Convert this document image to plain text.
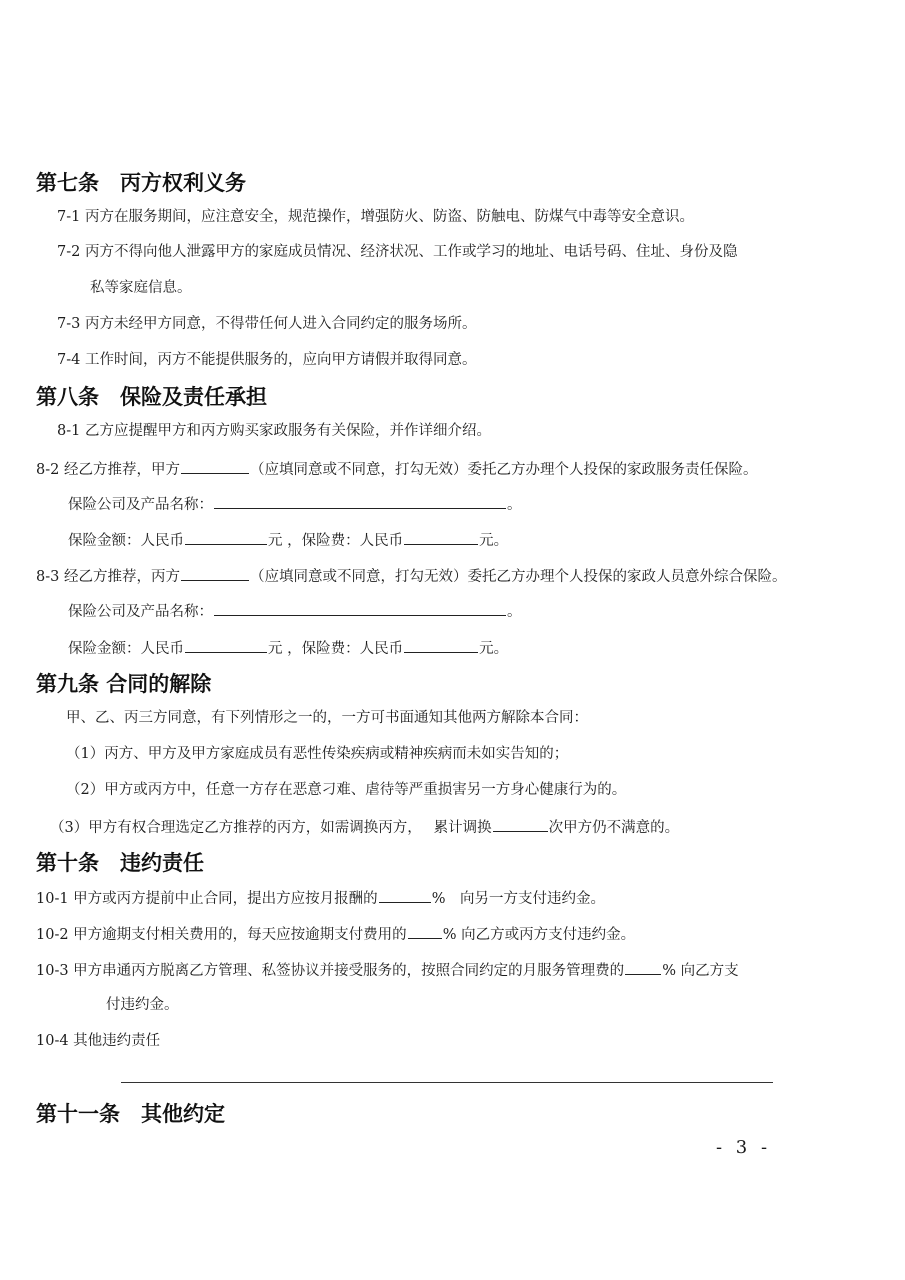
第七条　丙方权利义务
7-1 丙方在服务期间，应注意安全，规范操作，增强防火、防盗、防触电、防煤气中毒等安全意识。
7-2 丙方不得向他人泄露甲方的家庭成员情况、经济状况、工作或学习的地址、电话号码、住址、身份及隐
私等家庭信息。
7-3 丙方未经甲方同意，不得带任何人进入合同约定的服务场所。
7-4 工作时间，丙方不能提供服务的，应向甲方请假并取得同意。
第八条　保险及责任承担
8-1 乙方应提醒甲方和丙方购买家政服务有关保险，并作详细介绍。
8-2 经乙方推荐，甲方	（应填同意或不同意，打勾无效）委托乙方办理个人投保的家政服务责任保险。
保险公司及产品名称：	。
保险金额：人民币	元 ，保险费：人民币	元。
8-3 经乙方推荐，丙方	（应填同意或不同意，打勾无效）委托乙方办理个人投保的家政人员意外综合保险。
保险公司及产品名称：	。
保险金额：人民币	元 ，保险费：人民币	元。
第九条 合同的解除
甲、乙、丙三方同意，有下列情形之一的，一方可书面通知其他两方解除本合同：
（1）丙方、甲方及甲方家庭成员有恶性传染疾病或精神疾病而未如实告知的；
（2）甲方或丙方中，任意一方存在恶意刁难、虐待等严重损害另一方身心健康行为的。
（3）甲方有权合理选定乙方推荐的丙方，如需调换丙方，　 累计调换	次甲方仍不满意的。
第十条　违约责任
10-1 甲方或丙方提前中止合同，提出方应按月报酬的	%　向另一方支付违约金。
10-2 甲方逾期支付相关费用的，每天应按逾期支付费用的 % 向乙方或丙方支付违约金。
10-3 甲方串通丙方脱离乙方管理、私签协议并接受服务的，按照合同约定的月服务管理费的	% 向乙方支
付违约金。
10-4 其他违约责任
第十一条　其他约定
- 3 -
